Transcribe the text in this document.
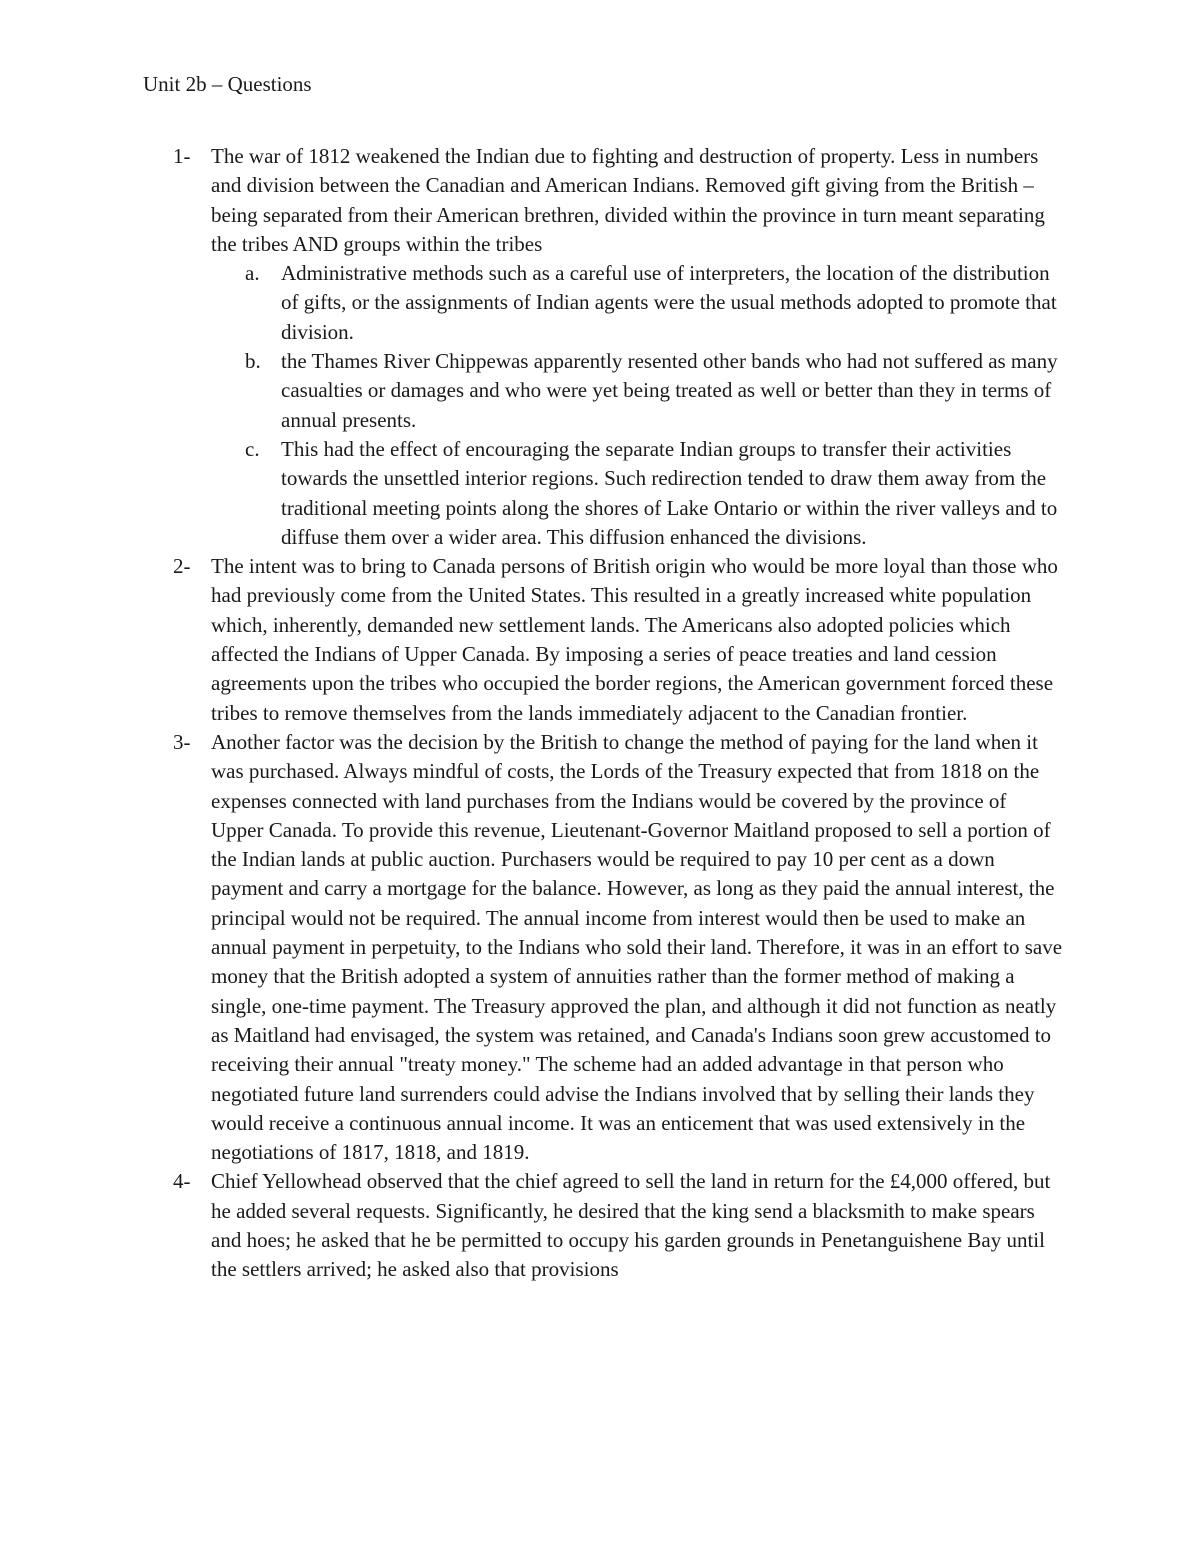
Unit 2b – Questions
1- The war of 1812 weakened the Indian due to fighting and destruction of property. Less in numbers and division between the Canadian and American Indians. Removed gift giving from the British – being separated from their American brethren, divided within the province in turn meant separating the tribes AND groups within the tribes
a. Administrative methods such as a careful use of interpreters, the location of the distribution of gifts, or the assignments of Indian agents were the usual methods adopted to promote that division.
b. the Thames River Chippewas apparently resented other bands who had not suffered as many casualties or damages and who were yet being treated as well or better than they in terms of annual presents.
c. This had the effect of encouraging the separate Indian groups to transfer their activities towards the unsettled interior regions. Such redirection tended to draw them away from the traditional meeting points along the shores of Lake Ontario or within the river valleys and to diffuse them over a wider area. This diffusion enhanced the divisions.
2- The intent was to bring to Canada persons of British origin who would be more loyal than those who had previously come from the United States. This resulted in a greatly increased white population which, inherently, demanded new settlement lands. The Americans also adopted policies which affected the Indians of Upper Canada. By imposing a series of peace treaties and land cession agreements upon the tribes who occupied the border regions, the American government forced these tribes to remove themselves from the lands immediately adjacent to the Canadian frontier.
3- Another factor was the decision by the British to change the method of paying for the land when it was purchased. Always mindful of costs, the Lords of the Treasury expected that from 1818 on the expenses connected with land purchases from the Indians would be covered by the province of Upper Canada. To provide this revenue, Lieutenant-Governor Maitland proposed to sell a portion of the Indian lands at public auction. Purchasers would be required to pay 10 per cent as a down payment and carry a mortgage for the balance. However, as long as they paid the annual interest, the principal would not be required. The annual income from interest would then be used to make an annual payment in perpetuity, to the Indians who sold their land. Therefore, it was in an effort to save money that the British adopted a system of annuities rather than the former method of making a single, one-time payment. The Treasury approved the plan, and although it did not function as neatly as Maitland had envisaged, the system was retained, and Canada's Indians soon grew accustomed to receiving their annual "treaty money." The scheme had an added advantage in that person who negotiated future land surrenders could advise the Indians involved that by selling their lands they would receive a continuous annual income. It was an enticement that was used extensively in the negotiations of 1817, 1818, and 1819.
4- Chief Yellowhead observed that the chief agreed to sell the land in return for the £4,000 offered, but he added several requests. Significantly, he desired that the king send a blacksmith to make spears and hoes; he asked that he be permitted to occupy his garden grounds in Penetanguishene Bay until the settlers arrived; he asked also that provisions
